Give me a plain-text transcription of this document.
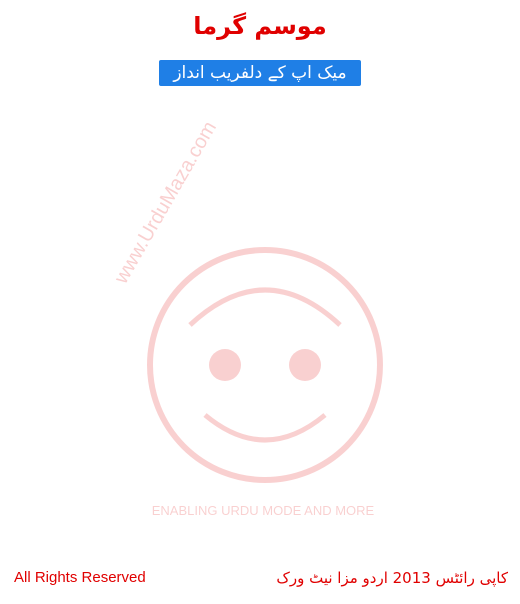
موسم گرما
میک اپ کے دلفریب انداز
ENABLING URDU MODE AND MORE
www.UrduMaza.com
All Rights Reserved	کاپی رائٹس 2013 اردو مزا نیٹ ورک
